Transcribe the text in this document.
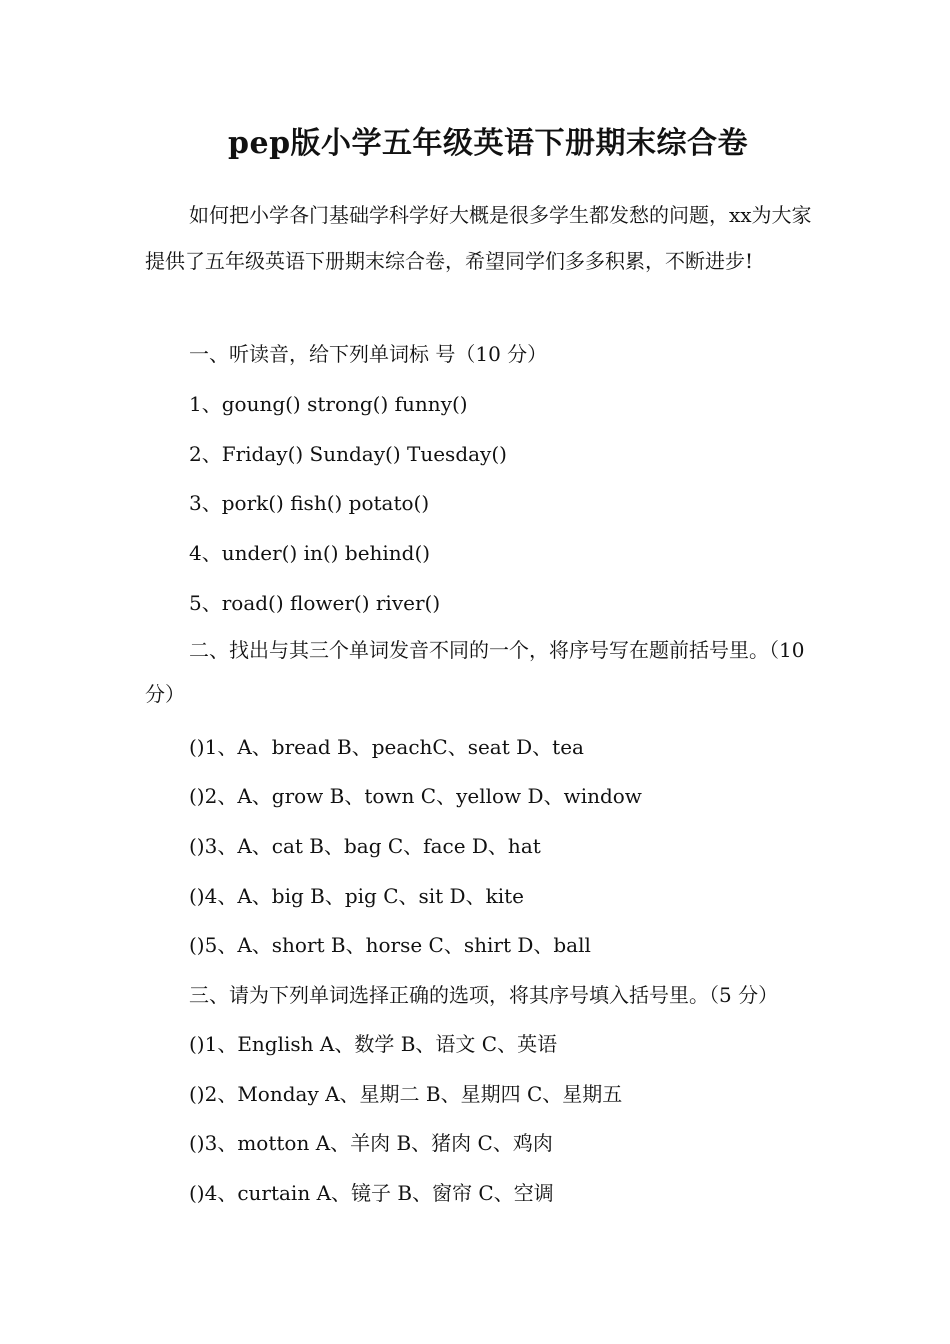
pep版小学五年级英语下册期末综合卷
如何把小学各门基础学科学好大概是很多学生都发愁的问题，xx为大家提供了五年级英语下册期末综合卷，希望同学们多多积累，不断进步!
一、听读音，给下列单词标 号（10 分）
1、goung() strong() funny()
2、Friday() Sunday() Tuesday()
3、pork() fish() potato()
4、under() in() behind()
5、road() flower() river()
二、找出与其三个单词发音不同的一个，将序号写在题前括号里。（10 分）
()1、A、bread B、peachC、seat D、tea
()2、A、grow B、town C、yellow D、window
()3、A、cat B、bag C、face D、hat
()4、A、big B、pig C、sit D、kite
()5、A、short B、horse C、shirt D、ball
三、请为下列单词选择正确的选项，将其序号填入括号里。（5 分）
()1、English A、数学 B、语文 C、英语
()2、Monday A、星期二 B、星期四 C、星期五
()3、motton A、羊肉 B、猪肉 C、鸡肉
()4、curtain A、镜子 B、窗帘 C、空调
